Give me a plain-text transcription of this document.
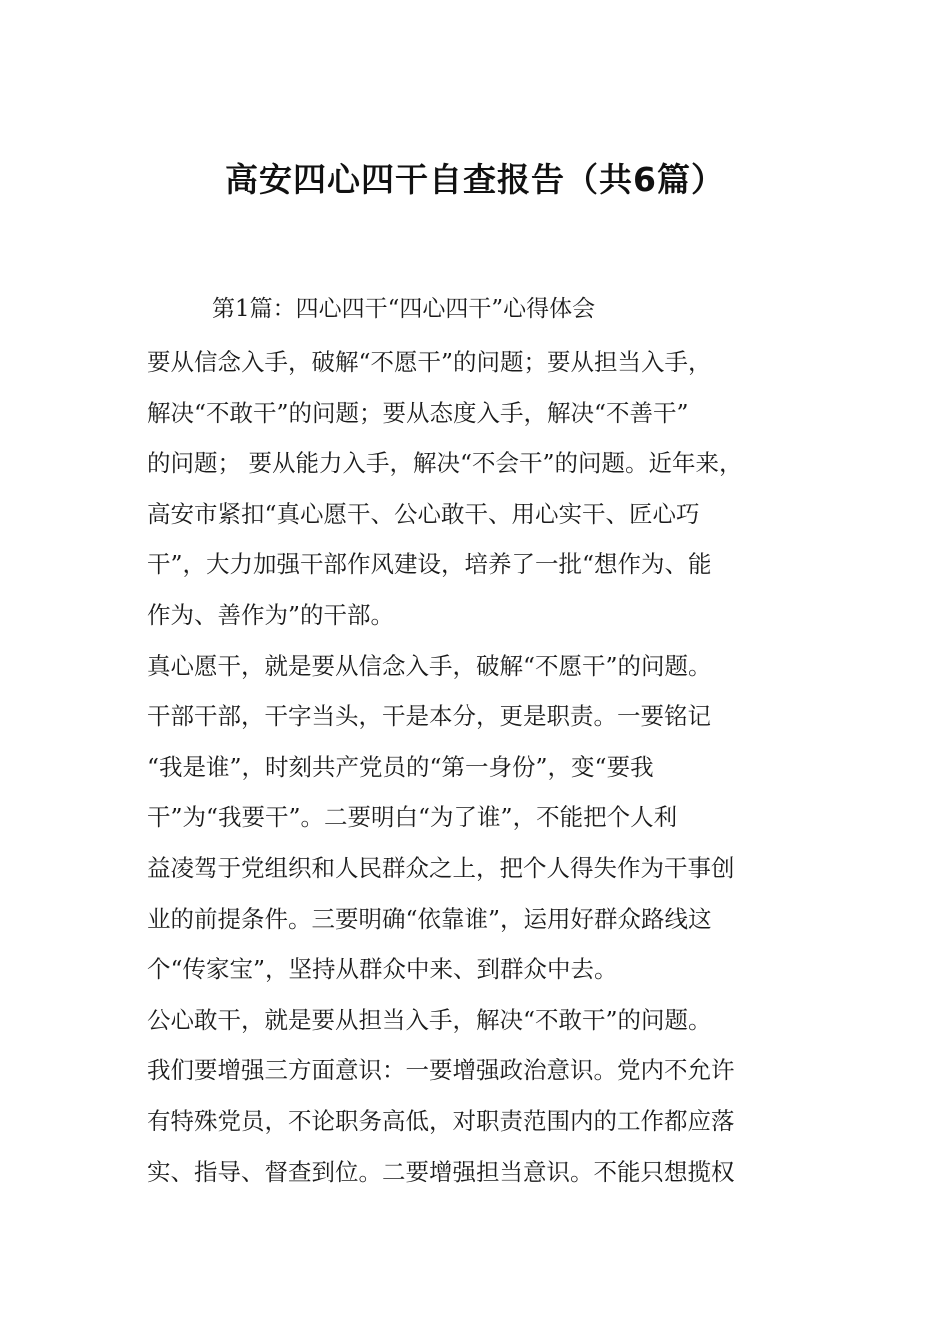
高安四心四干自查报告（共6篇）
第1篇：四心四干“四心四干”心得体会
要从信念入手，破解“不愿干”的问题；要从担当入手，
解决“不敢干”的问题；要从态度入手，解决“不善干”
的问题； 要从能力入手，解决“不会干”的问题。近年来，
高安市紧扣“真心愿干、公心敢干、用心实干、匠心巧
干”，大力加强干部作风建设，培养了一批“想作为、能
作为、善作为”的干部。
真心愿干，就是要从信念入手，破解“不愿干”的问题。
干部干部，干字当头，干是本分，更是职责。一要铭记
“我是谁”，时刻共产党员的“第一身份”，变“要我
干”为“我要干”。二要明白“为了谁”，不能把个人利
益凌驾于党组织和人民群众之上，把个人得失作为干事创
业的前提条件。三要明确“依靠谁”，运用好群众路线这
个“传家宝”，坚持从群众中来、到群众中去。
公心敢干，就是要从担当入手，解决“不敢干”的问题。
我们要增强三方面意识：一要增强政治意识。党内不允许
有特殊党员，不论职务高低，对职责范围内的工作都应落
实、指导、督查到位。二要增强担当意识。不能只想揽权
